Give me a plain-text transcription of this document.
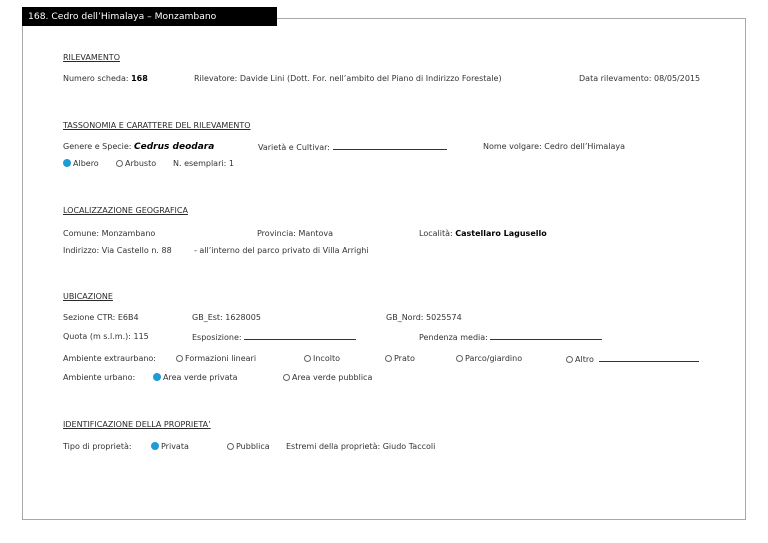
168. Cedro dell’Himalaya – Monzambano
RILEVAMENTO
Numero scheda: 168	Rilevatore: Davide Lini (Dott. For. nell’ambito del Piano di Indirizzo Forestale)	Data rilevamento: 08/05/2015
TASSONOMIA E CARATTERE DEL RILEVAMENTO
Genere e Specie: Cedrus deodara	Varietà e Cultivar:	Nome volgare: Cedro dell’Himalaya
Albero	Arbusto N. esemplari: 1
LOCALIZZAZIONE GEOGRAFICA
Comune: Monzambano	Provincia: Mantova	Località: Castellaro Lagusello
Indirizzo: Via Castello n. 88	- all’interno del parco privato di Villa Arrighi
UBICAZIONE
Sezione CTR: E6B4	GB_Est: 1628005	GB_Nord: 5025574
Quota (m s.l.m.): 115	Esposizione:	Pendenza media:
Ambiente extraurbano:	Formazioni lineari	Incolto	Prato	Parco/giardino	Altro
Ambiente urbano:	Area verde privata	Area verde pubblica
IDENTIFICAZIONE DELLA PROPRIETA’
Tipo di proprietà:	Privata	Pubblica Estremi della proprietà: Giudo Taccoli
